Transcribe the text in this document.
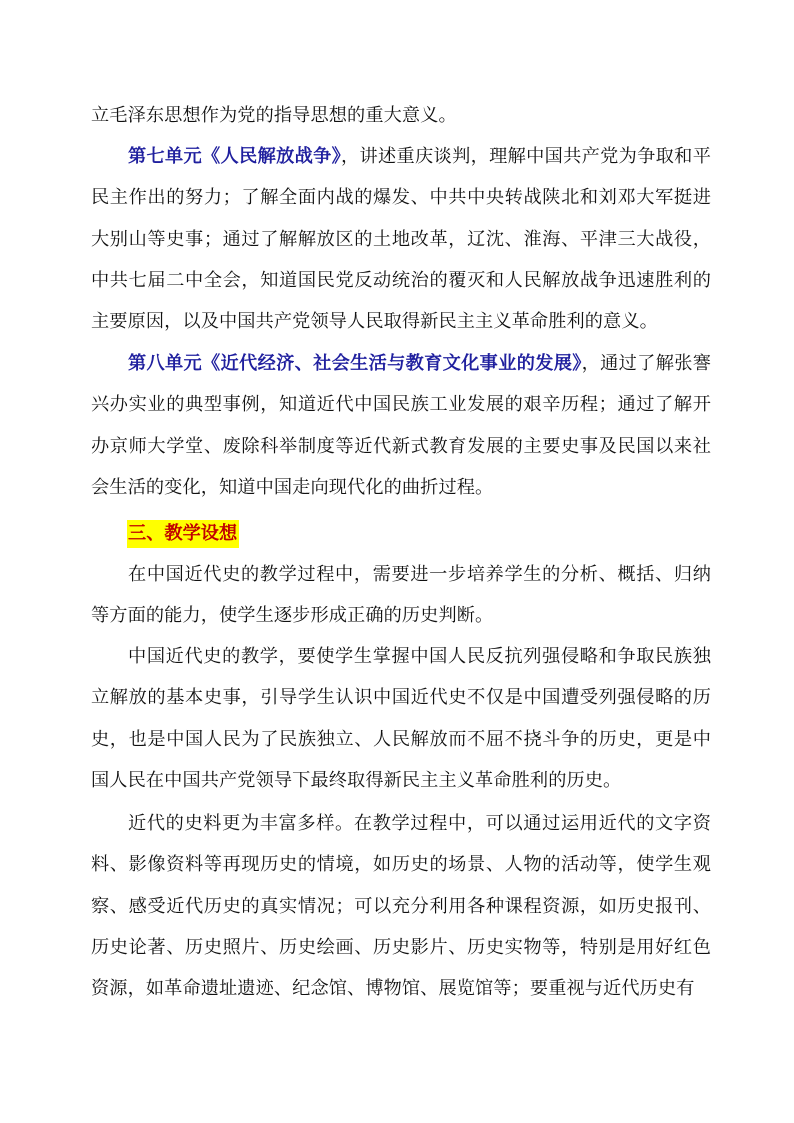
立毛泽东思想作为党的指导思想的重大意义。

第七单元《人民解放战争》，讲述重庆谈判，理解中国共产党为争取和平民主作出的努力；了解全面内战的爆发、中共中央转战陕北和刘邓大军挺进大别山等史事；通过了解解放区的土地改革，辽沈、淮海、平津三大战役，中共七届二中全会，知道国民党反动统治的覆灭和人民解放战争迅速胜利的主要原因，以及中国共产党领导人民取得新民主主义革命胜利的意义。

第八单元《近代经济、社会生活与教育文化事业的发展》，通过了解张謇兴办实业的典型事例，知道近代中国民族工业发展的艰辛历程；通过了解开办京师大学堂、废除科举制度等近代新式教育发展的主要史事及民国以来社会生活的变化，知道中国走向现代化的曲折过程。

三、教学设想

在中国近代史的教学过程中，需要进一步培养学生的分析、概括、归纳等方面的能力，使学生逐步形成正确的历史判断。

中国近代史的教学，要使学生掌握中国人民反抗列强侵略和争取民族独立解放的基本史事，引导学生认识中国近代史不仅是中国遭受列强侵略的历史，也是中国人民为了民族独立、人民解放而不屈不挠斗争的历史，更是中国人民在中国共产党领导下最终取得新民主主义革命胜利的历史。

近代的史料更为丰富多样。在教学过程中，可以通过运用近代的文字资料、影像资料等再现历史的情境，如历史的场景、人物的活动等，使学生观察、感受近代历史的真实情况；可以充分利用各种课程资源，如历史报刊、历史论著、历史照片、历史绘画、历史影片、历史实物等，特别是用好红色资源，如革命遗址遗迹、纪念馆、博物馆、展览馆等；要重视与近代历史有
